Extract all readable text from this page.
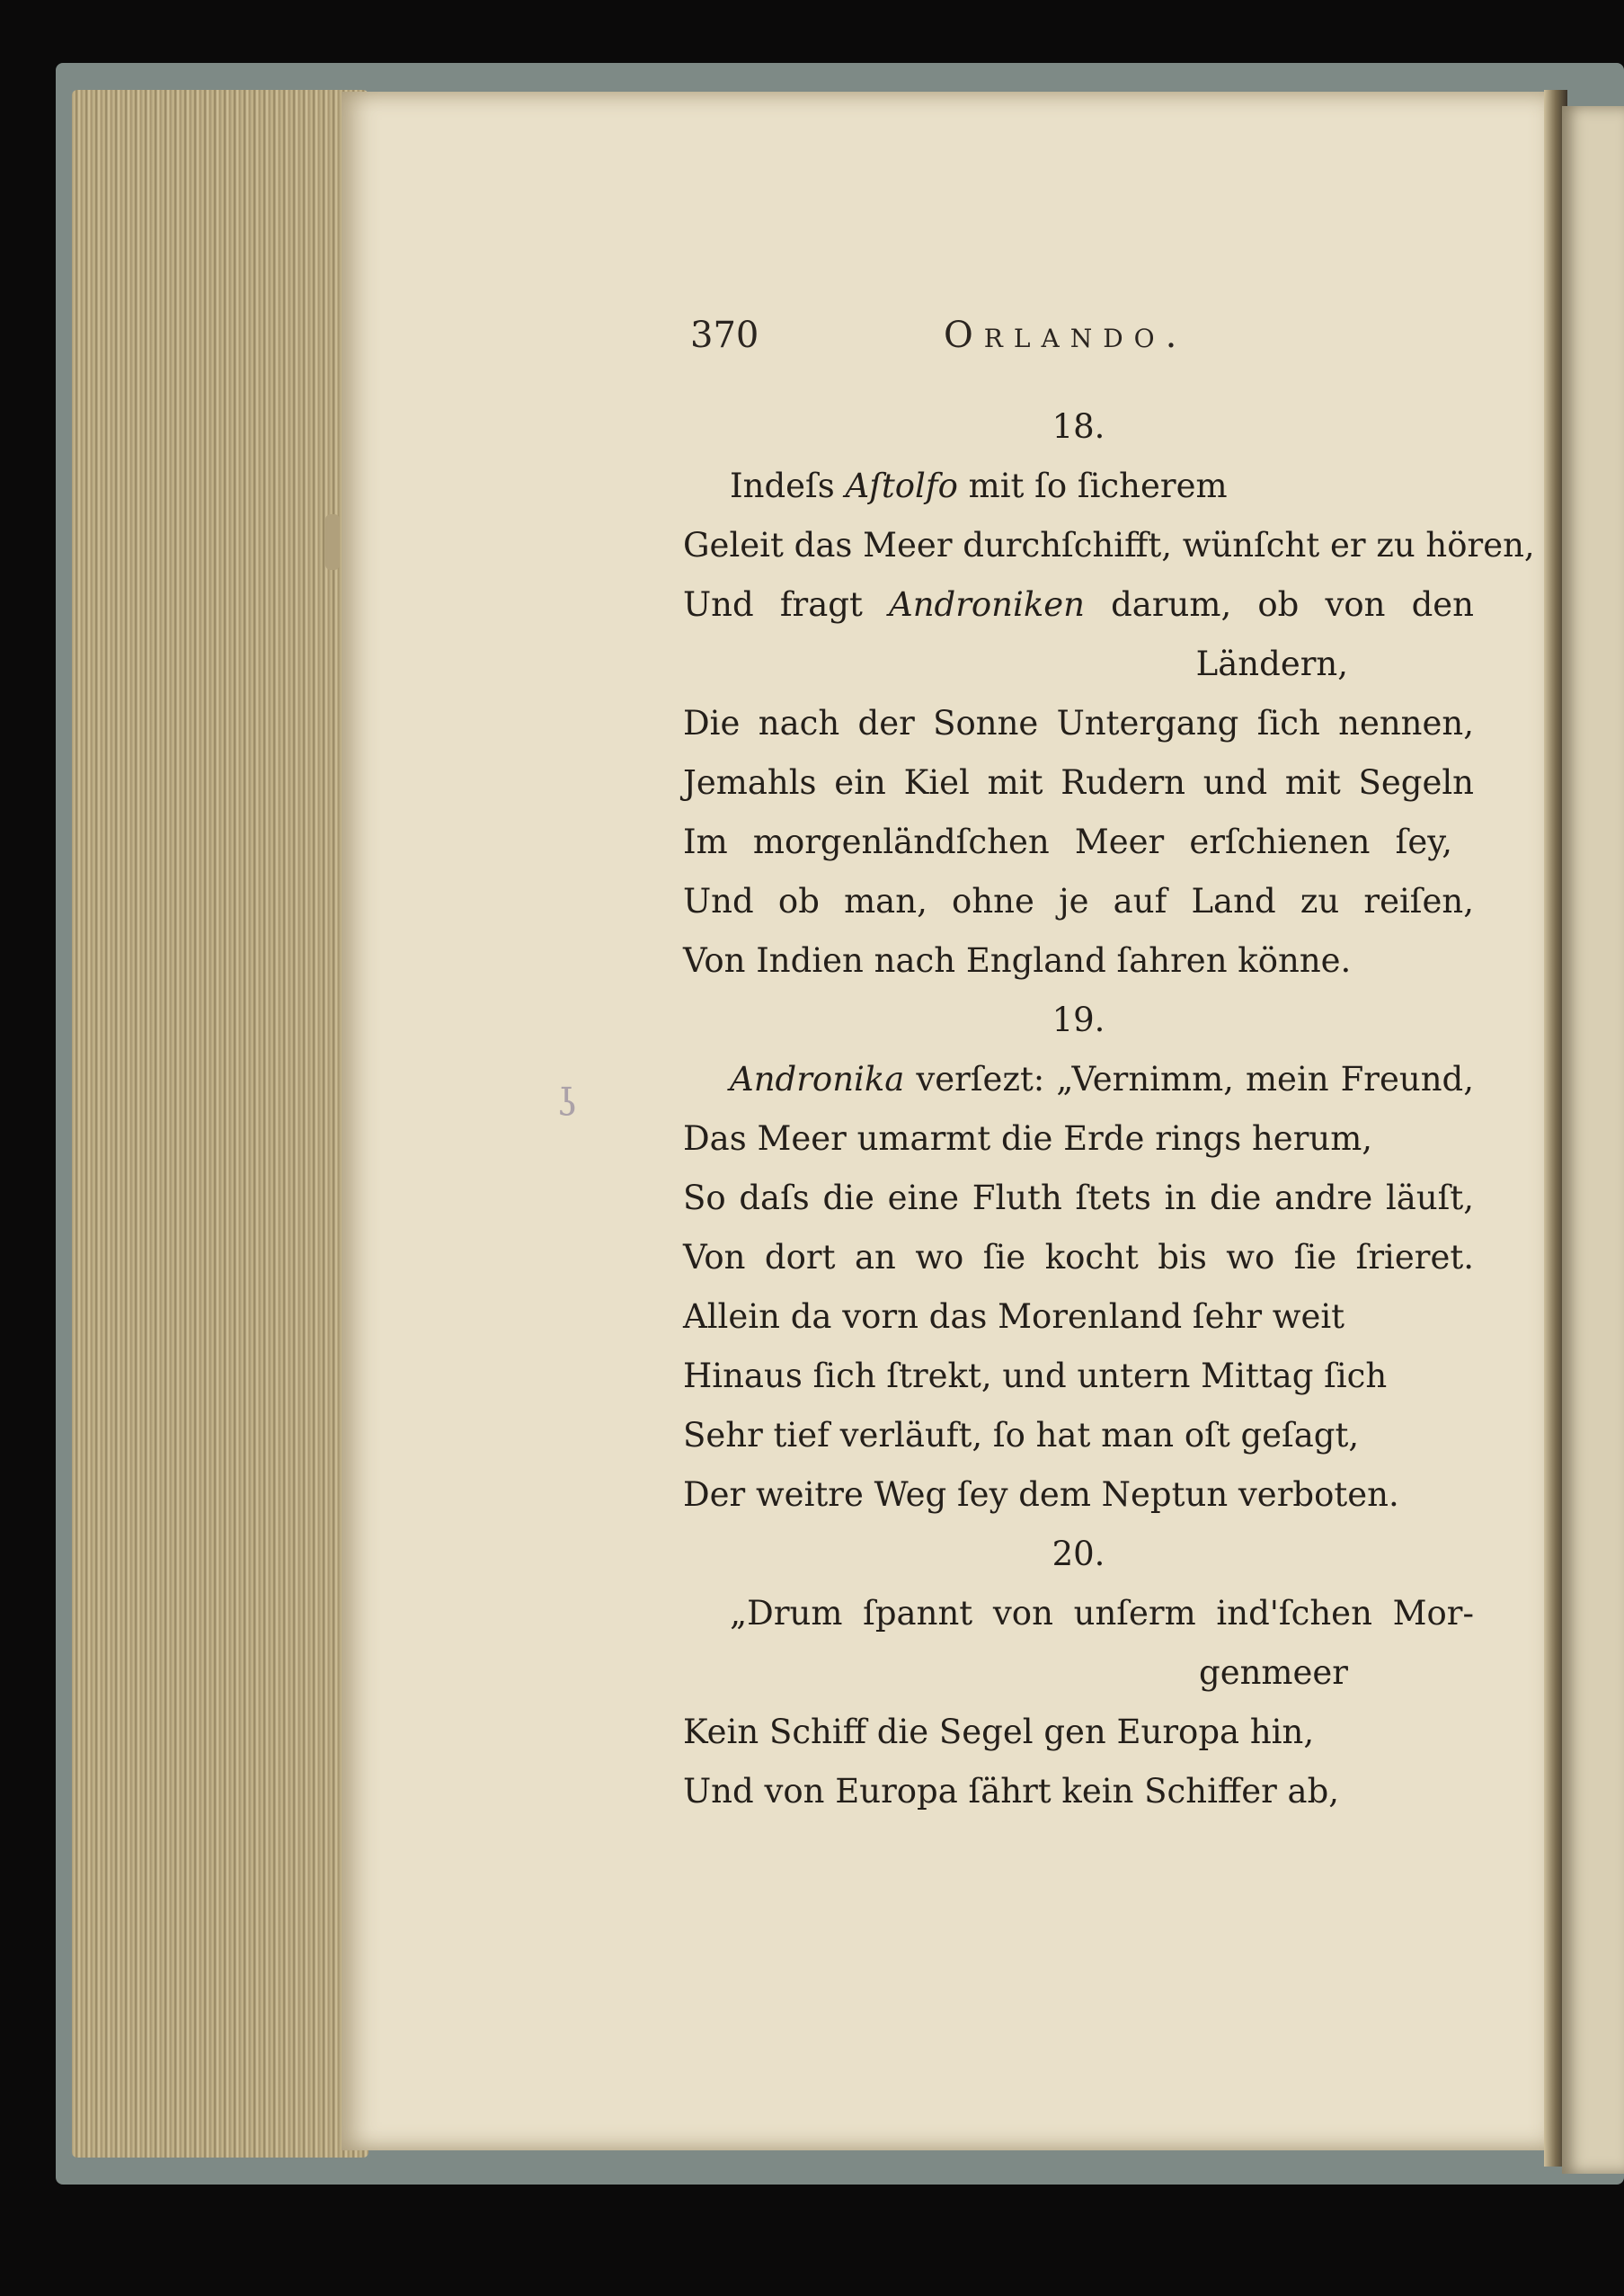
370	Orlando.
ʖ
18.
Indeſs Aſtolfo mit ſo ſicherem
Geleit das Meer durchſchifft, wünſcht er zu hören,
Und fragt Androniken darum, ob von den
Ländern,
Die nach der Sonne Untergang ſich nennen,
Jemahls ein Kiel mit Rudern und mit Segeln
Im morgenländſchen Meer erſchienen ſey,
Und ob man, ohne je auf Land zu reiſen,
Von Indien nach England ſahren könne.
19.
Andronika verſezt: „Vernimm, mein Freund,
Das Meer umarmt die Erde rings herum,
So daſs die eine Fluth ſtets in die andre läuſt,
Von dort an wo ſie kocht bis wo ſie ſrieret.
Allein da vorn das Morenland ſehr weit
Hinaus ſich ſtrekt, und untern Mittag ſich
Sehr tief verläuft, ſo hat man oſt geſagt,
Der weitre Weg ſey dem Neptun verboten.
20.
„Drum ſpannt von unſerm ind'ſchen Mor-
genmeer
Kein Schiff die Segel gen Europa hin,
Und von Europa ſährt kein Schiffer ab,
